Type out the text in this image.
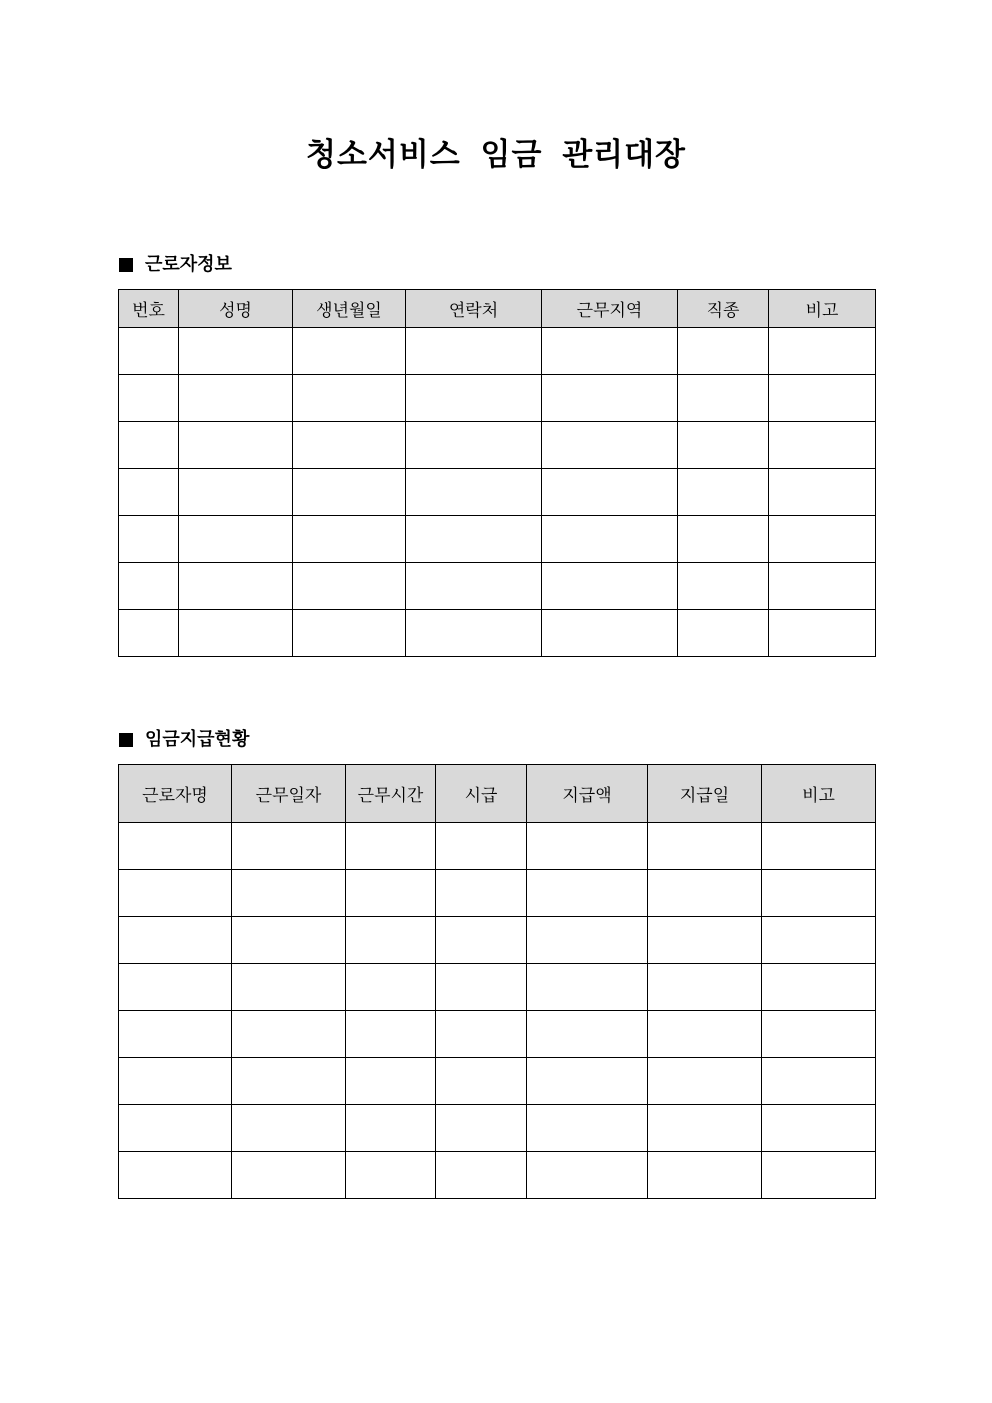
청소서비스 임금 관리대장
근로자정보
번호	성명	생년월일	연락처	근무지역	직종	비고

임금지급현황
근로자명	근무일자	근무시간	시급	지급액	지급일	비고
